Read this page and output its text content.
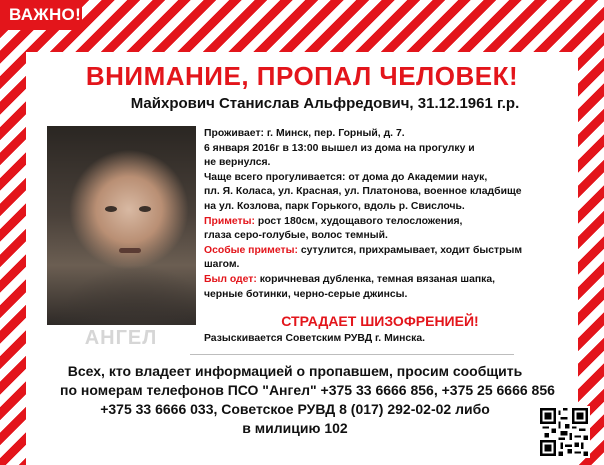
ВАЖНО!
ВНИМАНИЕ, ПРОПАЛ ЧЕЛОВЕК!
Майхрович Станислав Альфредович, 31.12.1961 г.р.
АНГЕЛ

Проживает: г. Минск, пер. Горный, д. 7.

6 января 2016г в 13:00 вышел из дома на прогулку и

не вернулся.

Чаще всего прогуливается: от дома до Академии наук,

пл. Я. Коласа, ул. Красная, ул. Платонова, военное кладбище

на ул. Козлова, парк Горького, вдоль р. Свислочь.

Приметы: рост 180см, худощавого телосложения,

глаза серо-голубые, волос темный.

Особые приметы: сутулится, прихрамывает, ходит быстрым

шагом.

Был одет: коричневая дубленка, темная вязаная шапка,

черные ботинки, черно-серые джинсы.

СТРАДАЕТ ШИЗОФРЕНИЕЙ!
Разыскивается Советским РУВД г. Минска.
Всех, кто владеет информацией о пропавшем, просим сообщить
по номерам телефонов ПСО "Ангел" +375 33 6666 856, +375 25 6666 856
+375 33 6666 033, Советское РУВД 8 (017) 292-02-02 либо
в милицию 102
